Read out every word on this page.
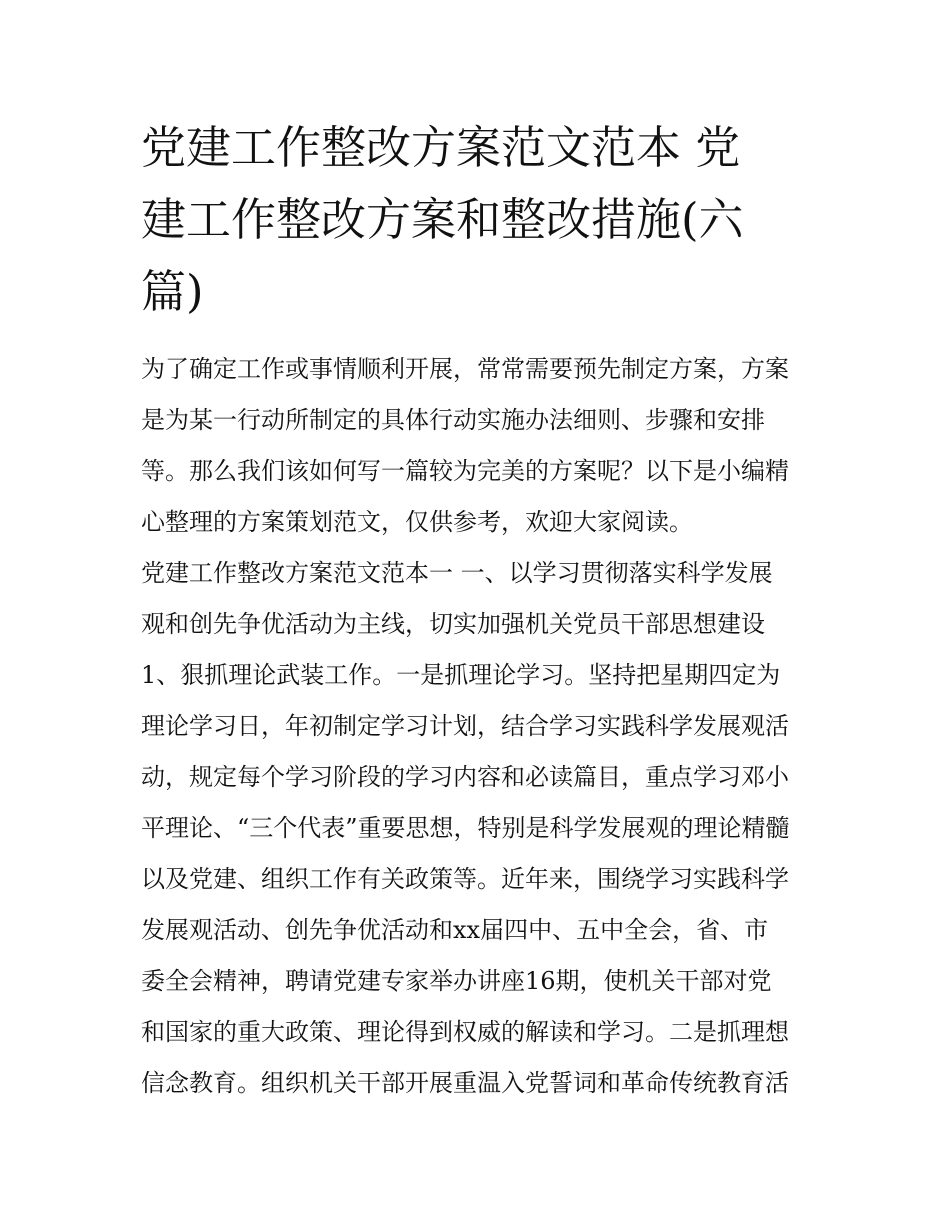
党建工作整改方案范文范本 党
建工作整改方案和整改措施(六
篇)
为了确定工作或事情顺利开展，常常需要预先制定方案，方案
是为某一行动所制定的具体行动实施办法细则、步骤和安排
等。那么我们该如何写一篇较为完美的方案呢？以下是小编精
心整理的方案策划范文，仅供参考，欢迎大家阅读。
党建工作整改方案范文范本一 一、以学习贯彻落实科学发展
观和创先争优活动为主线，切实加强机关党员干部思想建设
1、狠抓理论武装工作。一是抓理论学习。坚持把星期四定为
理论学习日，年初制定学习计划，结合学习实践科学发展观活
动，规定每个学习阶段的学习内容和必读篇目，重点学习邓小
平理论、“三个代表”重要思想，特别是科学发展观的理论精髓
以及党建、组织工作有关政策等。近年来，围绕学习实践科学
发展观活动、创先争优活动和xx届四中、五中全会，省、市
委全会精神，聘请党建专家举办讲座16期，使机关干部对党
和国家的重大政策、理论得到权威的解读和学习。二是抓理想
信念教育。组织机关干部开展重温入党誓词和革命传统教育活
